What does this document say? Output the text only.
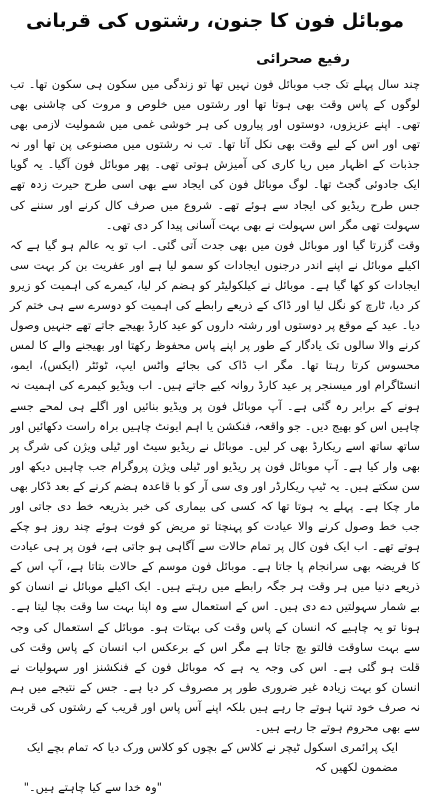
موبائل فون کا جنون، رشتوں کی قربانی
رفیع صحرائی

چند سال پہلے تک جب موبائل فون نہیں تھا تو زندگی میں سکون ہی سکون تھا۔ تب لوگوں کے پاس وقت بھی ہوتا تھا اور رشتوں میں خلوص و مروت کی چاشنی بھی تھی۔ اپنے عزیزوں، دوستوں اور پیاروں کی ہر خوشی غمی میں شمولیت لازمی بھی تھی اور اس کے لیے وقت بھی نکل آتا تھا۔ تب نہ رشتوں میں مصنوعی پن تھا اور نہ جذبات کے اظہار میں ریا کاری کی آمیزش ہوتی تھی۔ پھر موبائل فون آگیا۔ یہ گویا ایک جادوئی گجٹ تھا۔ لوگ موبائل فون کی ایجاد سے بھی اسی طرح حیرت زدہ تھے جس طرح ریڈیو کی ایجاد سے ہوئے تھے۔ شروع میں صرف کال کرنے اور سننے کی سہولت تھی مگر اس سہولت نے بھی بہت آسانی پیدا کر دی تھی۔

وقت گزرتا گیا اور موبائل فون میں بھی جدت آتی گئی۔ اب تو یہ عالم ہو گیا ہے کہ اکیلے موبائل نے اپنے اندر درجنوں ایجادات کو سمو لیا ہے اور عفریت بن کر بہت سی ایجادات کو کھا گیا ہے۔ موبائل نے کیلکولیٹر کو ہضم کر لیا، کیمرے کی اہمیت کو زیرو کر دیا، ٹارچ کو نگل لیا اور ڈاک کے ذریعے رابطے کی اہمیت کو دوسرے سے ہی ختم کر دیا۔ عید کے موقع پر دوستوں اور رشتہ داروں کو عید کارڈ بھیجے جاتے تھے جنہیں وصول کرنے والا سالوں تک یادگار کے طور پر اپنے پاس محفوظ رکھتا اور بھیجنے والے کا لمس محسوس کرتا رہتا تھا۔ مگر اب ڈاک کی بجائے واٹس ایپ، ٹوئٹر (ایکس)، ایمو، انسٹاگرام اور میسنجر پر عید کارڈ روانہ کیے جاتے ہیں۔ اب ویڈیو کیمرے کی اہمیت نہ ہونے کے برابر رہ گئی ہے۔ آپ موبائل فون پر ویڈیو بنائیں اور اگلے ہی لمحے جسے چاہیں اس کو بھیج دیں۔ جو واقعہ، فنکشن یا اہم ایونٹ چاہیں براہ راست دکھائیں اور ساتھ ساتھ اسے ریکارڈ بھی کر لیں۔ موبائل نے ریڈیو سیٹ اور ٹیلی ویژن کی شرگ پر بھی وار کیا ہے۔ آپ موبائل فون پر ریڈیو اور ٹیلی ویژن پروگرام جب چاہیں دیکھ اور سن سکتے ہیں۔ یہ ٹیپ ریکارڈر اور وی سی آر کو با قاعدہ ہضم کرنے کے بعد ڈکار بھی مار چکا ہے۔ پہلے یہ ہوتا تھا کہ کسی کی بیماری کی خبر بذریعہ خط دی جاتی اور جب خط وصول کرنے والا عیادت کو پہنچتا تو مریض کو فوت ہوئے چند روز ہو چکے ہوتے تھے۔ اب ایک فون کال پر تمام حالات سے آگاہی ہو جاتی ہے، فون پر ہی عیادت کا فریضہ بھی سرانجام پا جاتا ہے۔ موبائل فون موسم کے حالات بتاتا ہے، آپ اس کے ذریعے دنیا میں ہر وقت ہر جگہ رابطے میں رہتے ہیں۔ ایک اکیلے موبائل نے انسان کو بے شمار سہولتیں دے دی ہیں۔ اس کے استعمال سے وہ اپنا بہت سا وقت بچا لیتا ہے۔ ہونا تو یہ چاہیے کہ انسان کے پاس وقت کی بہتات ہو۔ موبائل کے استعمال کی وجہ سے بہت ساوقت فالتو بچ جاتا ہے مگر اس کے برعکس اب انسان کے پاس وقت کی قلت ہو گئی ہے۔ اس کی وجہ یہ ہے کہ موبائل فون کے فنکشنز اور سہولیات نے انسان کو بہت زیادہ غیر ضروری طور پر مصروف کر دیا ہے۔ جس کے نتیجے میں ہم نہ صرف خود تنہا ہوتے جا رہے ہیں بلکہ اپنے آس پاس اور قریب کے رشتوں کی قربت سے بھی محروم ہوتے جا رہے ہیں۔

ایک پرائمری اسکول ٹیچر نے کلاس کے بچوں کو کلاس ورک دیا کہ تمام بچے ایک مضمون لکھیں کہ

"وہ خدا سے کیا چاہتے ہیں۔"
